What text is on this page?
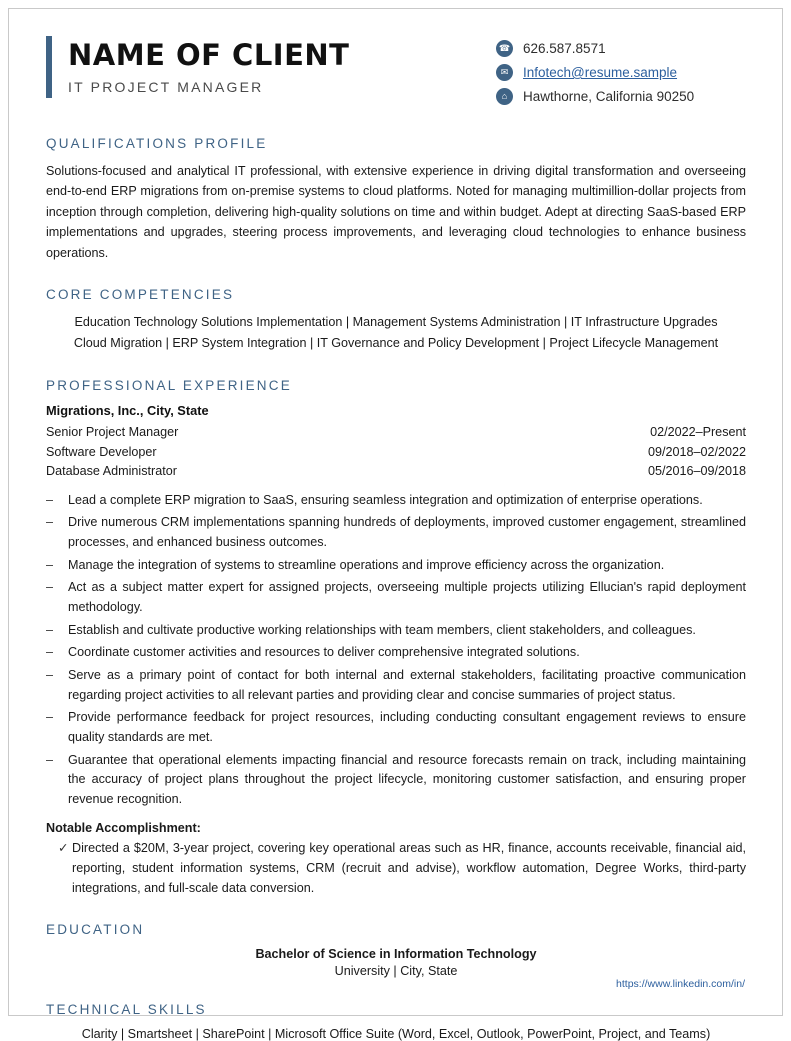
NAME OF CLIENT
IT PROJECT MANAGER
☎ 626.587.8571
✉	Infotech@resume.sample
⌂	Hawthorne, California 90250
QUALIFICATIONS PROFILE

Solutions-focused and analytical IT professional, with extensive experience in driving digital transformation and overseeing end-to-end ERP migrations from on-premise systems to cloud platforms. Noted for managing multimillion-dollar projects from inception through completion, delivering high-quality solutions on time and within budget. Adept at directing SaaS-based ERP implementations and upgrades, steering process improvements, and leveraging cloud technologies to enhance business operations.

CORE COMPETENCIES
Education Technology Solutions Implementation | Management Systems Administration | IT Infrastructure Upgrades
Cloud Migration | ERP System Integration | IT Governance and Policy Development | Project Lifecycle Management
PROFESSIONAL EXPERIENCE
Migrations, Inc., City, State
Senior Project Manager	02/2022–Present
Software Developer	09/2018–02/2022
Database Administrator	05/2016–09/2018
–	Lead a complete ERP migration to SaaS, ensuring seamless integration and optimization of enterprise operations.
–	Drive numerous CRM implementations spanning hundreds of deployments, improved customer engagement, streamlined processes, and enhanced business outcomes.
–	Manage the integration of systems to streamline operations and improve efficiency across the organization.
–	Act as a subject matter expert for assigned projects, overseeing multiple projects utilizing Ellucian's rapid deployment methodology.
–	Establish and cultivate productive working relationships with team members, client stakeholders, and colleagues.
–	Coordinate customer activities and resources to deliver comprehensive integrated solutions.
–	Serve as a primary point of contact for both internal and external stakeholders, facilitating proactive communication regarding project activities to all relevant parties and providing clear and concise summaries of project status.
–	Provide performance feedback for project resources, including conducting consultant engagement reviews to ensure quality standards are met.
–	Guarantee that operational elements impacting financial and resource forecasts remain on track, including maintaining the accuracy of project plans throughout the project lifecycle, monitoring customer satisfaction, and ensuring proper revenue recognition.
Notable Accomplishment:
✓ Directed a $20M, 3-year project, covering key operational areas such as HR, finance, accounts receivable, financial aid, reporting, student information systems, CRM (recruit and advise), workflow automation, Degree Works, third-party integrations, and full-scale data conversion.
EDUCATION
Bachelor of Science in Information Technology
University | City, State
TECHNICAL SKILLS
Clarity | Smartsheet | SharePoint | Microsoft Office Suite (Word, Excel, Outlook, PowerPoint, Project, and Teams)
https://www.linkedin.com/in/
